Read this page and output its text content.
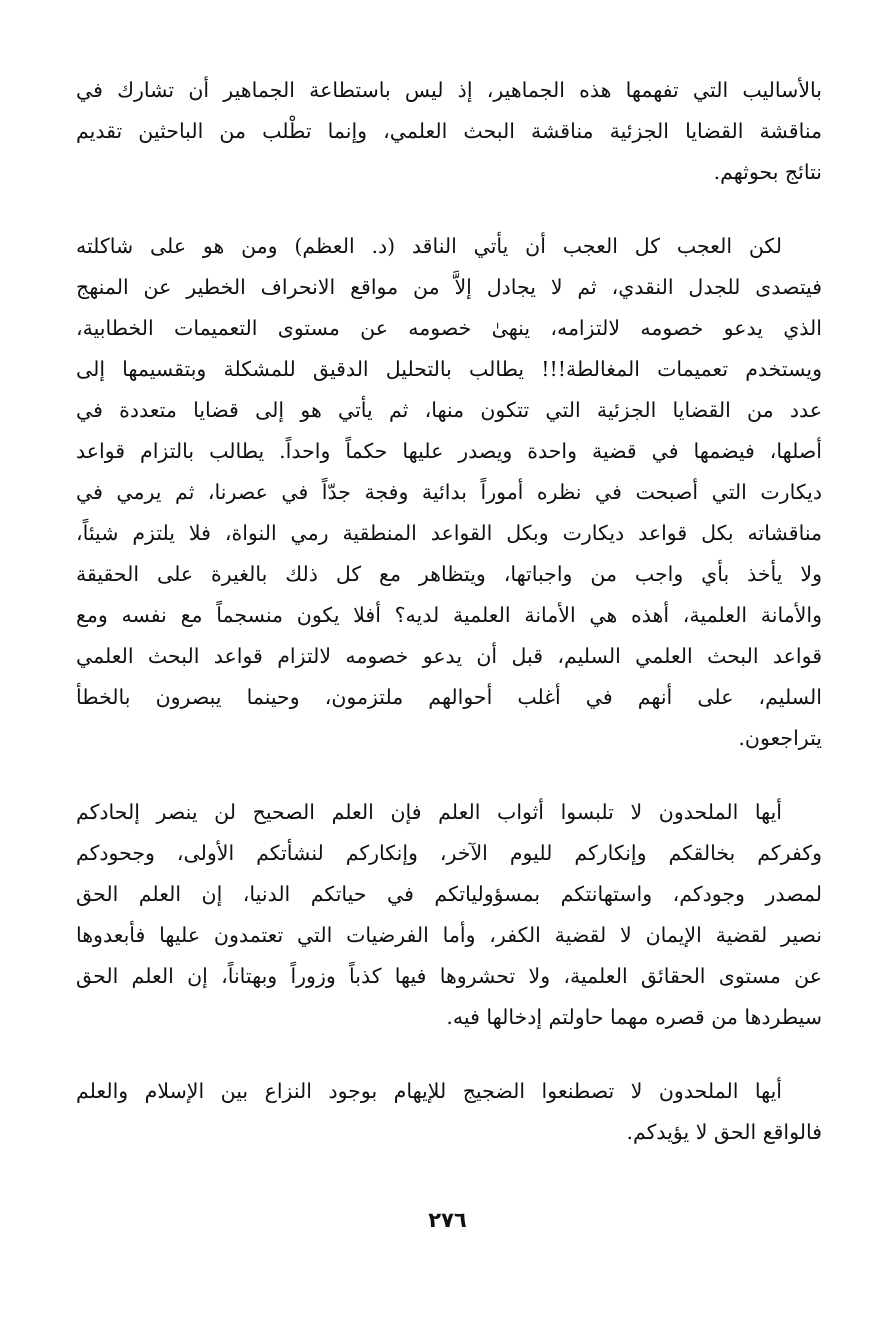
بالأساليب التي تفهمها هذه الجماهير، إذ ليس باستطاعة الجماهير أن تشارك في
مناقشة القضايا الجزئية مناقشة البحث العلمي، وإنما تطْلب من الباحثين تقديم
نتائج بحوثهم.

لكن العجب كل العجب أن يأتي الناقد (د. العظم) ومن هو على شاكلته
فيتصدى للجدل النقدي، ثم لا يجادل إلاَّ من مواقع الانحراف الخطير عن المنهج
الذي يدعو خصومه لالتزامه، ينهىٰ خصومه عن مستوى التعميمات الخطابية،
ويستخدم تعميمات المغالطة!!! يطالب بالتحليل الدقيق للمشكلة وبتقسيمها إلى
عدد من القضايا الجزئية التي تتكون منها، ثم يأتي هو إلى قضايا متعددة في
أصلها، فيضمها في قضية واحدة ويصدر عليها حكماً واحداً. يطالب بالتزام قواعد
ديكارت التي أصبحت في نظره أموراً بدائية وفجة جدّاً في عصرنا، ثم يرمي في
مناقشاته بكل قواعد ديكارت وبكل القواعد المنطقية رمي النواة، فلا يلتزم شيئاً،
ولا يأخذ بأي واجب من واجباتها، ويتظاهر مع كل ذلك بالغيرة على الحقيقة
والأمانة العلمية، أهذه هي الأمانة العلمية لديه؟ أفلا يكون منسجماً مع نفسه ومع
قواعد البحث العلمي السليم، قبل أن يدعو خصومه لالتزام قواعد البحث العلمي
السليم، على أنهم في أغلب أحوالهم ملتزمون، وحينما يبصرون بالخطأ
يتراجعون.

أيها الملحدون لا تلبسوا أثواب العلم فإن العلم الصحيح لن ينصر إلحادكم
وكفركم بخالقكم وإنكاركم لليوم الآخر، وإنكاركم لنشأتكم الأولى، وجحودكم
لمصدر وجودكم، واستهانتكم بمسؤولياتكم في حياتكم الدنيا، إن العلم الحق
نصير لقضية الإيمان لا لقضية الكفر، وأما الفرضيات التي تعتمدون عليها فأبعدوها
عن مستوى الحقائق العلمية، ولا تحشروها فيها كذباً وزوراً وبهتاناً، إن العلم الحق
سيطردها من قصره مهما حاولتم إدخالها فيه.

أيها الملحدون لا تصطنعوا الضجيج للإيهام بوجود النزاع بين الإسلام والعلم
فالواقع الحق لا يؤيدكم.

٢٧٦
